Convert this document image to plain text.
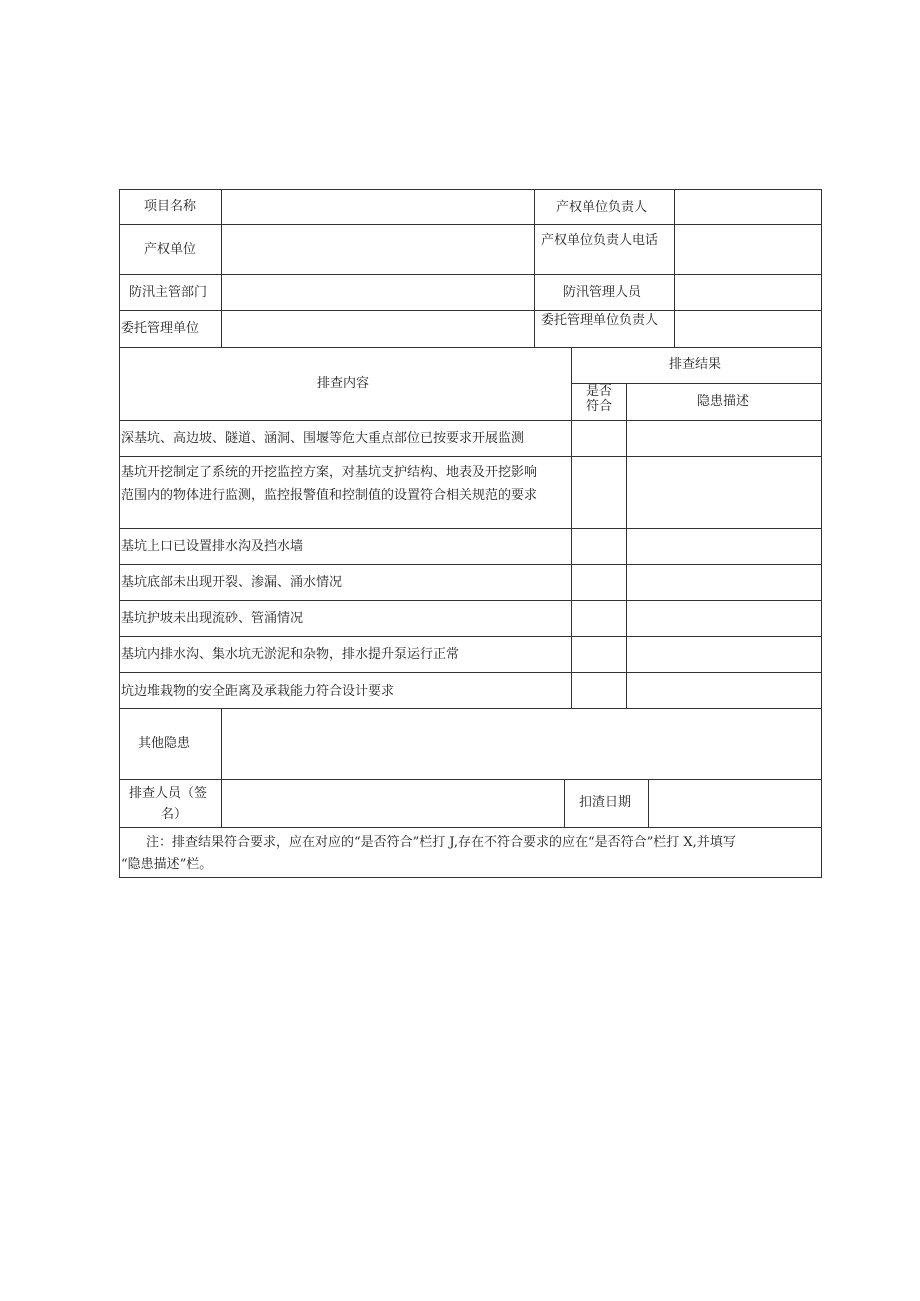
项目名称
产权单位
防汛主管部门
委托管理单位
产权单位负责人
产权单位负责人电话
防汛管理人员
委托管理单位负责人
排查内容
排查结果
是否
符合	隐患描述
深基坑、高边坡、隧道、涵洞、围堰等危大重点部位已按要求开展监测
基坑开挖制定了系统的开挖监控方案，对基坑支护结构、地表及开挖影响
范围内的物体进行监测，监控报警值和控制值的设置符合相关规范的要求
基坑上口已设置排水沟及挡水墙
基坑底部未出现开裂、渗漏、涌水情况
基坑护坡未出现流砂、管涌情况
基坑内排水沟、集水坑无淤泥和杂物，排水提升泵运行正常
坑边堆栽物的安全距离及承栽能力符合设计要求
其他隐患
排查人员（签
名）
扣渣日期
注：排查结果符合要求，应在对应的“是否符合”栏打 J,存在不符合要求的应在“是否符合”栏打 X,并填写
“隐患描述”栏。
